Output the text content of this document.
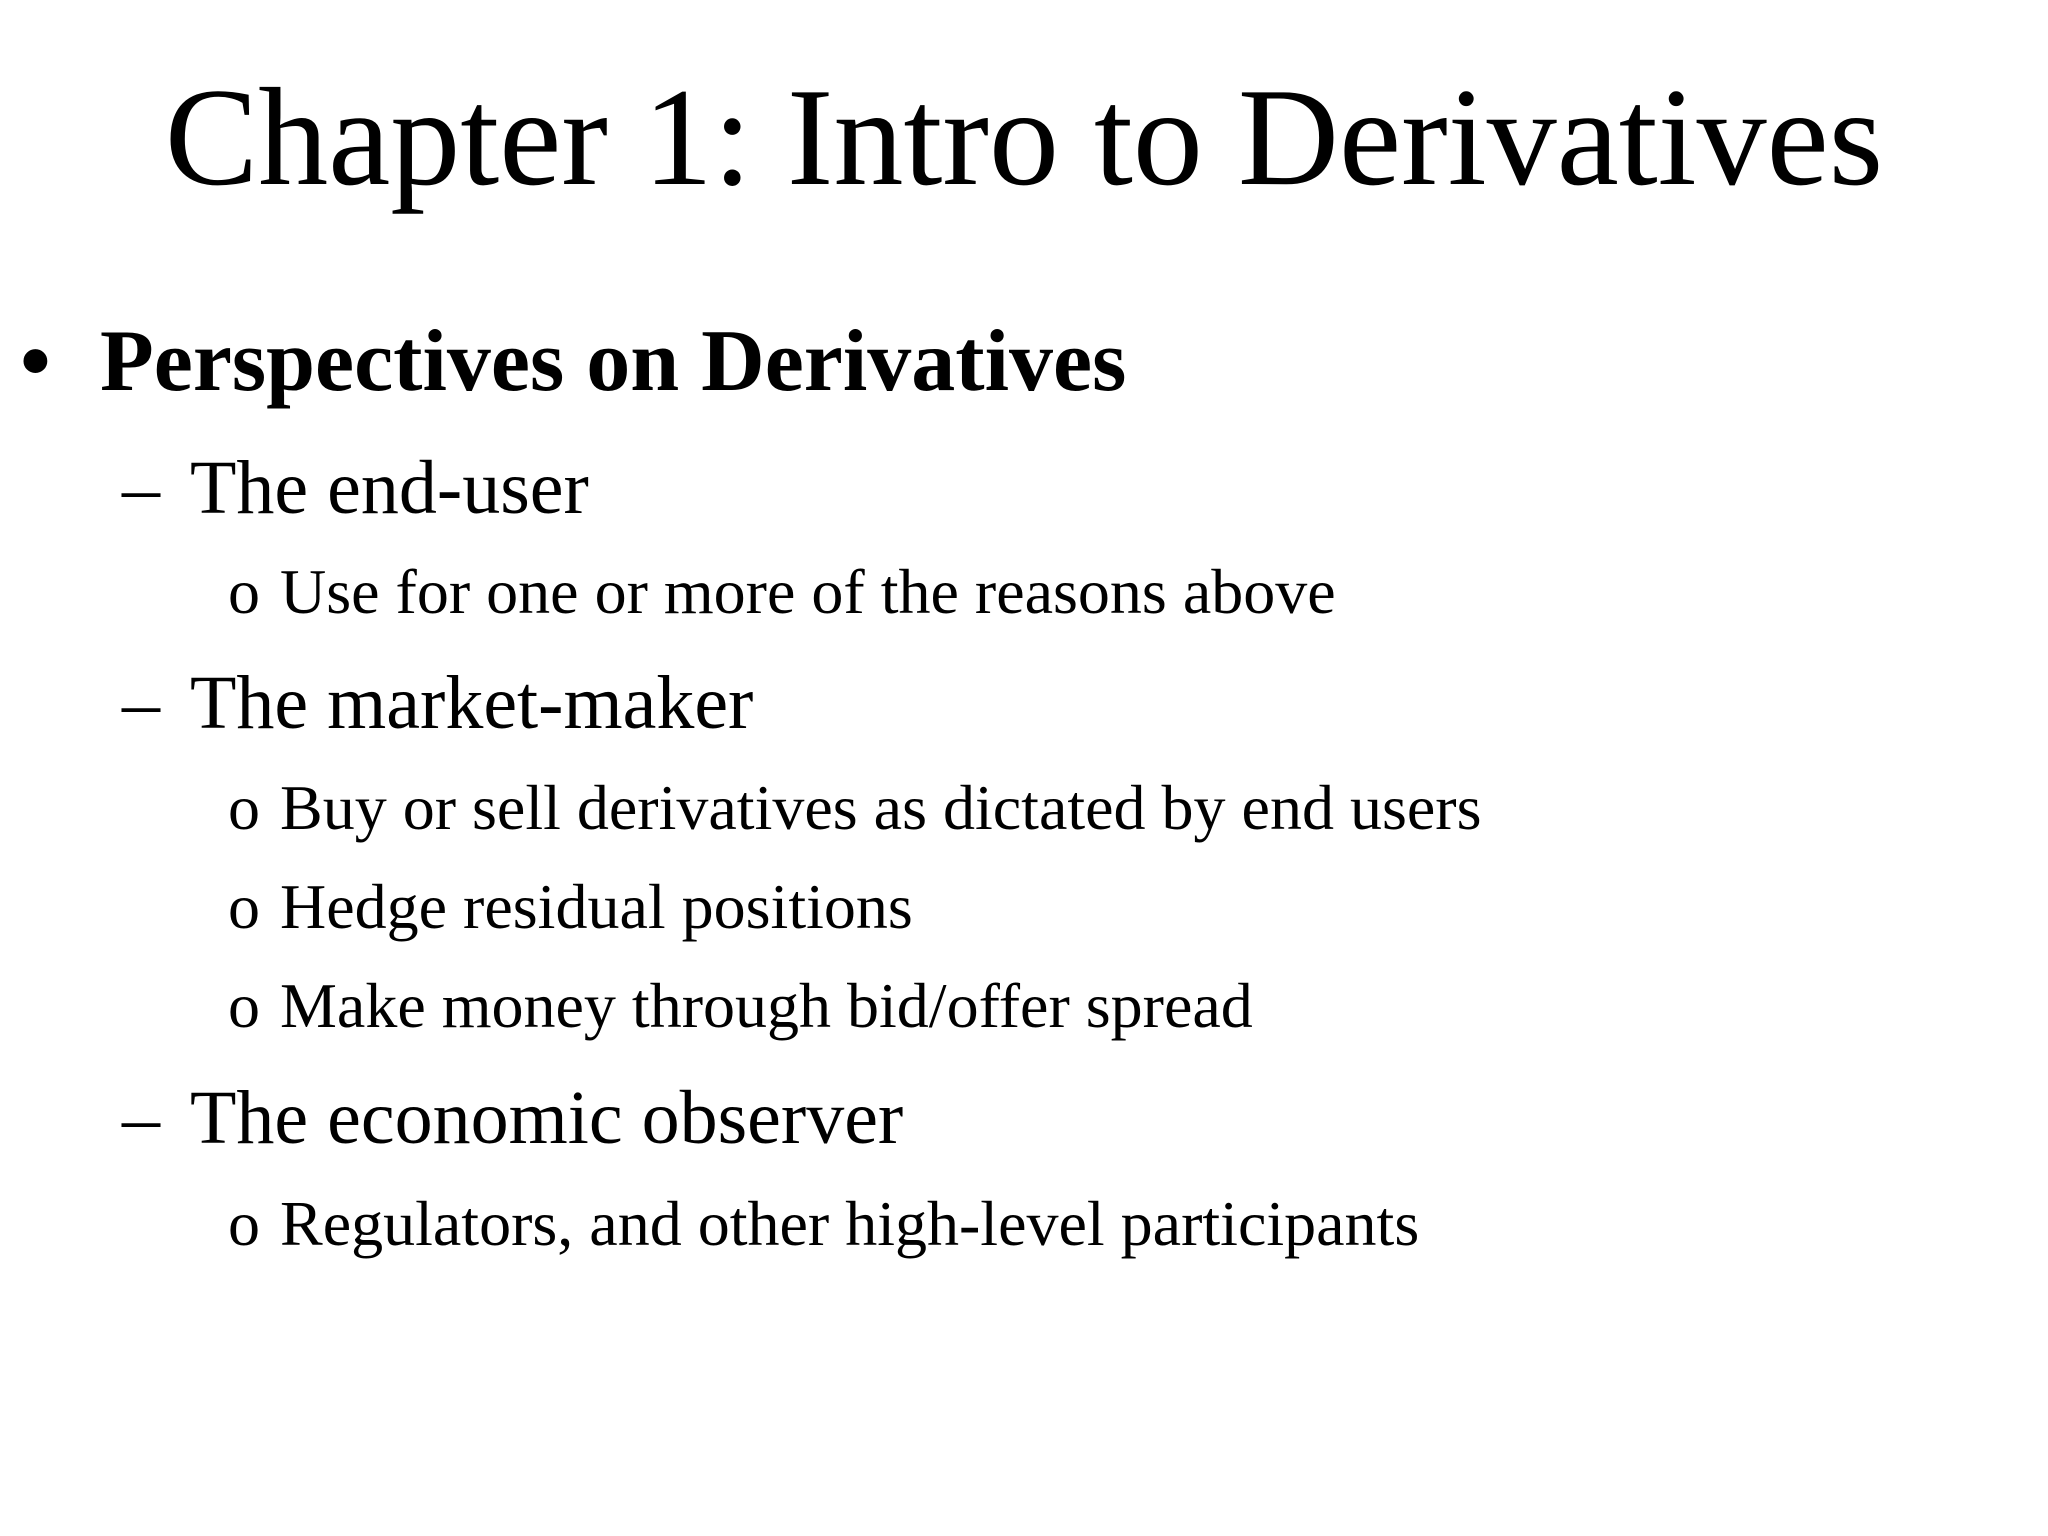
Chapter 1: Intro to Derivatives
• Perspectives on Derivatives
– The end-user
o Use for one or more of the reasons above
– The market-maker
o Buy or sell derivatives as dictated by end users
o Hedge residual positions
o Make money through bid/offer spread
– The economic observer
o Regulators, and other high-level participants
